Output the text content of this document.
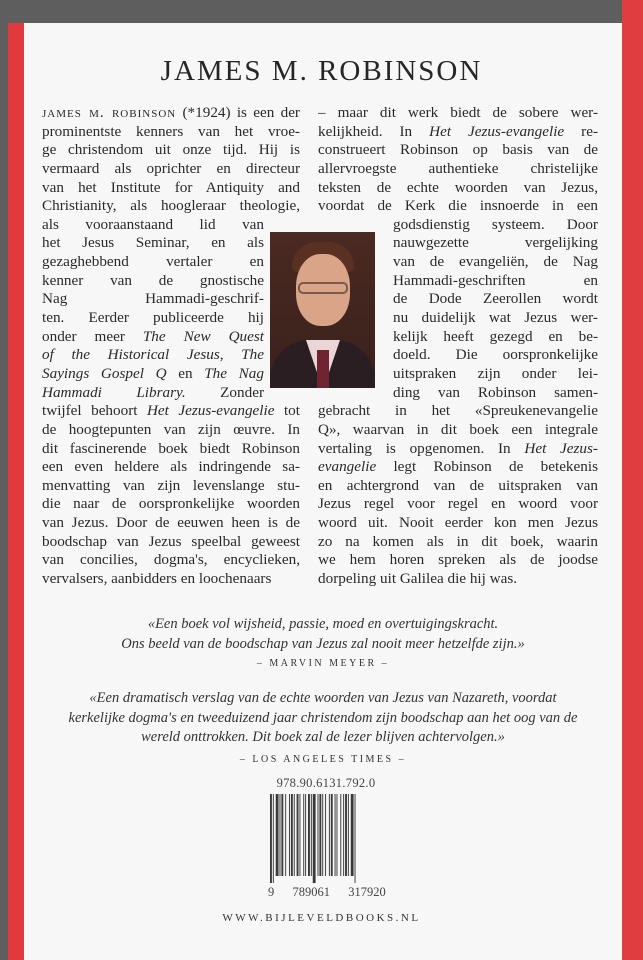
JAMES M. ROBINSON
james m. robinson (*1924) is een der
prominentste kenners van het vroe-
ge christendom uit onze tijd. Hij is
vermaard als oprichter en directeur
van het Institute for Antiquity and
Christianity, als hoogleraar theologie,
als vooraanstaand lid van
het Jesus Seminar, en als
gezaghebbend vertaler en
kenner van de gnostische
Nag Hammadi-geschrif-
ten. Eerder publiceerde hij
onder meer The New Quest
of the Historical Jesus, The
Sayings Gospel Q en The Nag
Hammadi Library. Zonder
twijfel behoort Het Jezus-evangelie tot
de hoogtepunten van zijn œuvre. In
dit fascinerende boek biedt Robinson
een even heldere als indringende sa-
menvatting van zijn levenslange stu-
die naar de oorspronkelijke woorden
van Jezus. Door de eeuwen heen is de
boodschap van Jezus speelbal geweest
van concilies, dogma's, encyclieken,
vervalsers, aanbidders en loochenaars
– maar dit werk biedt de sobere wer-
kelijkheid. In Het Jezus-evangelie re-
construeert Robinson op basis van de
allervroegste authentieke christelijke
teksten de echte woorden van Jezus,
voordat de Kerk die insnoerde in een
godsdienstig systeem. Door
nauwgezette vergelijking
van de evangeliën, de Nag
Hammadi-geschriften en
de Dode Zeerollen wordt
nu duidelijk wat Jezus wer-
kelijk heeft gezegd en be-
doeld. Die oorspronkelijke
uitspraken zijn onder lei-
ding van Robinson samen-
gebracht in het «Spreukenevangelie
Q», waarvan in dit boek een integrale
vertaling is opgenomen. In Het Jezus-
evangelie legt Robinson de betekenis
en achtergrond van de uitspraken van
Jezus regel voor regel en woord voor
woord uit. Nooit eerder kon men Jezus
zo na komen als in dit boek, waarin
we hem horen spreken als de joodse
dorpeling uit Galilea die hij was.
«Een boek vol wijsheid, passie, moed en overtuigingskracht.
Ons beeld van de boodschap van Jezus zal nooit meer hetzelfde zijn.»
– MARVIN MEYER –
«Een dramatisch verslag van de echte woorden van Jezus van Nazareth, voordat
kerkelijke dogma's en tweeduizend jaar christendom zijn boodschap aan het oog van de
wereld onttrokken. Dit boek zal de lezer blijven achtervolgen.»
– LOS ANGELES TIMES –
978.90.6131.792.0
9  789061  317920
WWW.BIJLEVELDBOOKS.NL
